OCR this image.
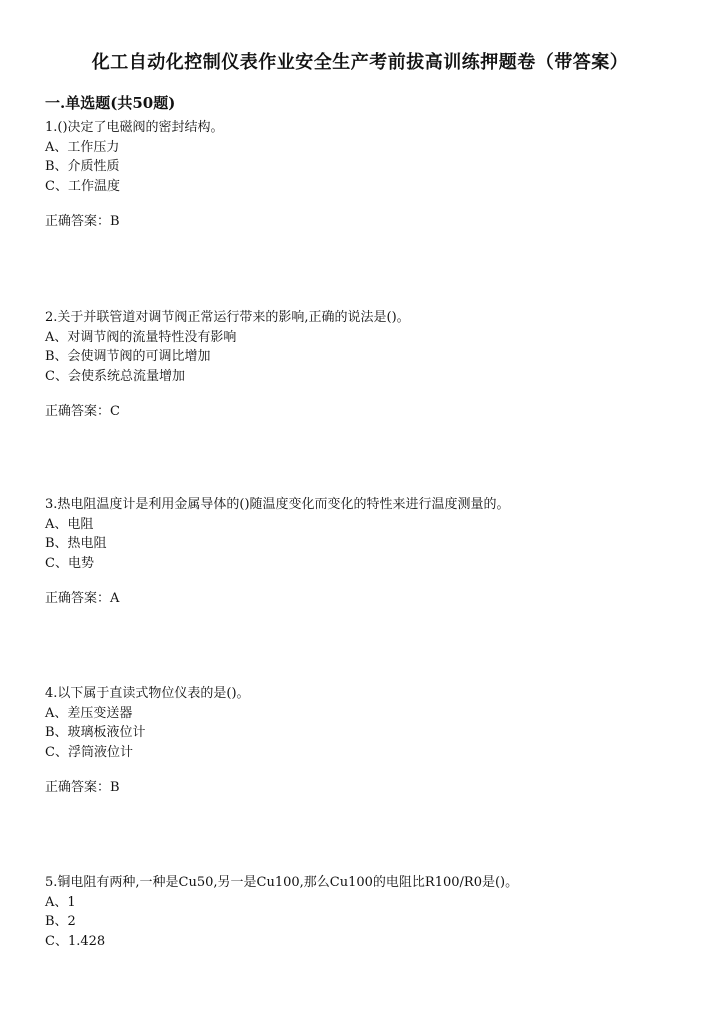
化工自动化控制仪表作业安全生产考前拔高训练押题卷（带答案）
一.单选题(共50题)
1.()决定了电磁阀的密封结构。
A、工作压力
B、介质性质
C、工作温度
正确答案：B
2.关于并联管道对调节阀正常运行带来的影响,正确的说法是()。
A、对调节阀的流量特性没有影响
B、会使调节阀的可调比增加
C、会使系统总流量增加
正确答案：C
3.热电阻温度计是利用金属导体的()随温度变化而变化的特性来进行温度测量的。
A、电阻
B、热电阻
C、电势
正确答案：A
4.以下属于直读式物位仪表的是()。
A、差压变送器
B、玻璃板液位计
C、浮筒液位计
正确答案：B
5.铜电阻有两种,一种是Cu50,另一是Cu100,那么Cu100的电阻比R100/R0是()。
A、1
B、2
C、1.428
